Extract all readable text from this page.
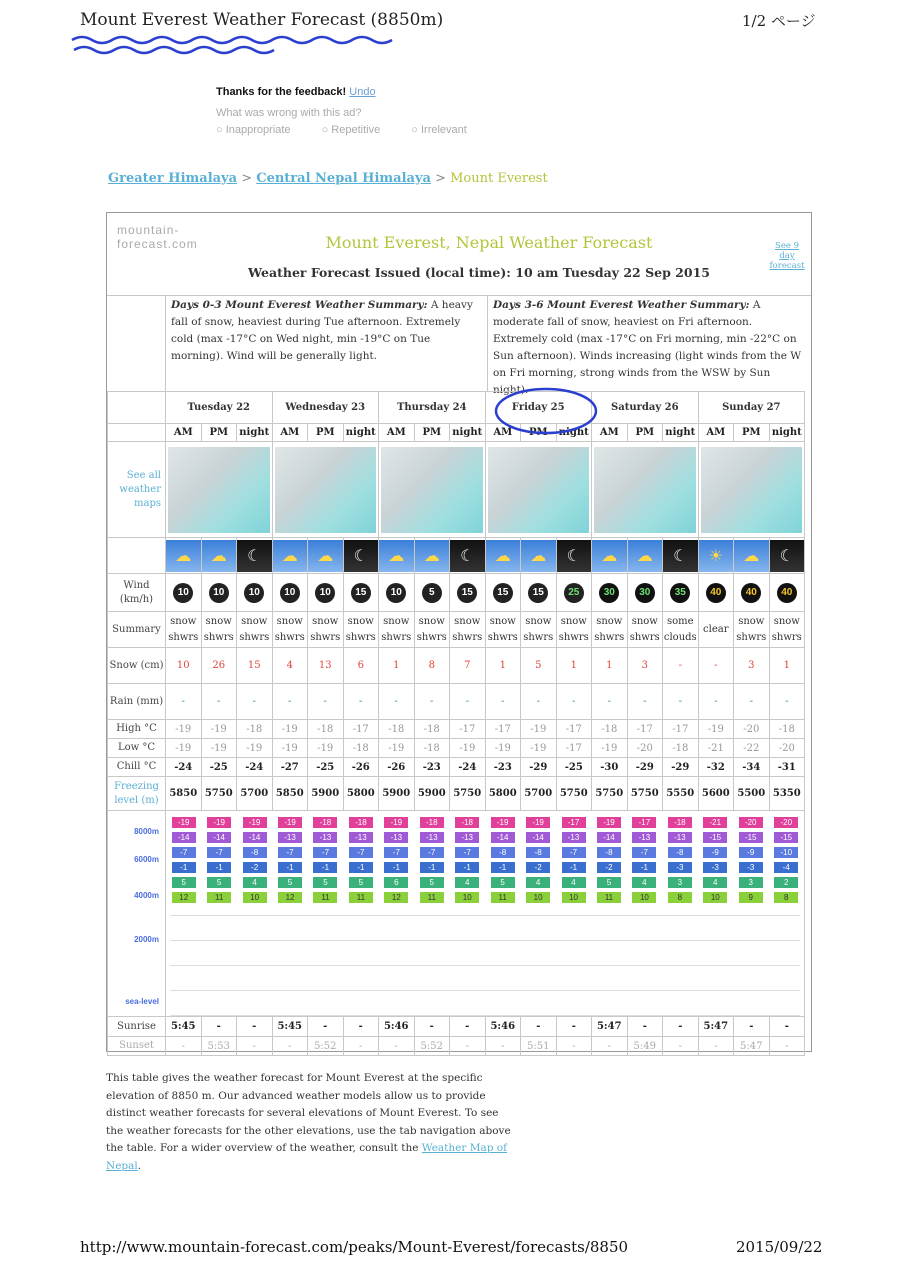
Mount Everest Weather Forecast (8850m)	1/2 ページ
Thanks for the feedback! Undo
What was wrong with this ad?
○ Inappropriate	○ Repetitive	○ Irrelevant
Greater Himalaya > Central Nepal Himalaya > Mount Everest
mountain-
forecast.com	Mount Everest, Nepal Weather Forecast
Weather Forecast Issued (local time): 10 am Tuesday 22 Sep 2015
See 9 day forecast
Days 0-3 Mount Everest Weather Summary: A heavy fall of snow, heaviest during Tue afternoon. Extremely cold (max -17°C on Wed night, min -19°C on Tue morning). Wind will be generally light.
Days 3-6 Mount Everest Weather Summary: A moderate fall of snow, heaviest on Fri afternoon. Extremely cold (max -17°C on Fri morning, min -22°C on Sun afternoon). Winds increasing (light winds from the W on Fri morning, strong winds from the WSW by Sun night).
	Tuesday 22	Wednesday 23	Thursday 24	Friday 25	Saturday 26	Sunday 27
	AM	PM	night	AM	PM	night	AM	PM	night	AM	PM	night	AM	PM	night	AM	PM	night
See all weather maps	

☁	☁	☾	☁	☁	☾	☁	☁	☾	☁	☁	☾	☁	☁	☾	☀	☁	☾

Wind (km/h)	10	10	10	10	10	15	10	5	15	15	15	25	30	30	35	40	40	40
Summary	snow shwrs	snow shwrs	snow shwrs	snow shwrs	snow shwrs	snow shwrs	snow shwrs	snow shwrs	snow shwrs	snow shwrs	snow shwrs	snow shwrs	snow shwrs	snow shwrs	some clouds	clear	snow shwrs	snow shwrs
Snow (cm)	10	26	15	4	13	6	1	8	7	1	5	1	1	3	-	-	3	1
Rain (mm)	-	-	-	-	-	-	-	-	-	-	-	-	-	-	-	-	-	-
High °C	-19	-19	-18	-19	-18	-17	-18	-18	-17	-17	-19	-17	-18	-17	-17	-19	-20	-18
Low °C	-19	-19	-19	-19	-19	-18	-19	-18	-19	-19	-19	-17	-19	-20	-18	-21	-22	-20
Chill °C	-24	-25	-24	-27	-25	-26	-26	-23	-24	-23	-29	-25	-30	-29	-29	-32	-34	-31
Freezing level (m)	5850	5750	5700	5850	5900	5800	5900	5900	5750	5800	5700	5750	5750	5750	5550	5600	5500	5350

8000m
6000m
4000m
2000m
sea-level

-19	-19	-19	-19	-18	-18	-19	-18	-18	-19	-19	-17	-19	-17	-18	-21	-20	-20
-14	-14	-14	-13	-13	-13	-13	-13	-13	-14	-14	-13	-14	-13	-13	-15	-15	-15
-7	-7	-8	-7	-7	-7	-7	-7	-7	-8	-8	-7	-8	-7	-8	-9	-9	-10
-1	-1	-2	-1	-1	-1	-1	-1	-1	-1	-2	-1	-2	-1	-3	-3	-3	-4
5	5	4	5	5	5	6	5	4	5	4	4	5	4	3	4	3	2
12	11	10	12	11	11	12	11	10	11	10	10	11	10	8	10	9	8

Sunrise	5:45	-	-	5:45	-	-	5:46	-	-	5:46	-	-	5:47	-	-	5:47	-	-
Sunset	-	5:53	-	-	5:52	-	-	5:52	-	-	5:51	-	-	5:49	-	-	5:47	-
This table gives the weather forecast for Mount Everest at the specific elevation of 8850 m. Our advanced weather models allow us to provide distinct weather forecasts for several elevations of Mount Everest. To see the weather forecasts for the other elevations, use the tab navigation above the table. For a wider overview of the weather, consult the Weather Map of Nepal.
http://www.mountain-forecast.com/peaks/Mount-Everest/forecasts/8850	2015/09/22
